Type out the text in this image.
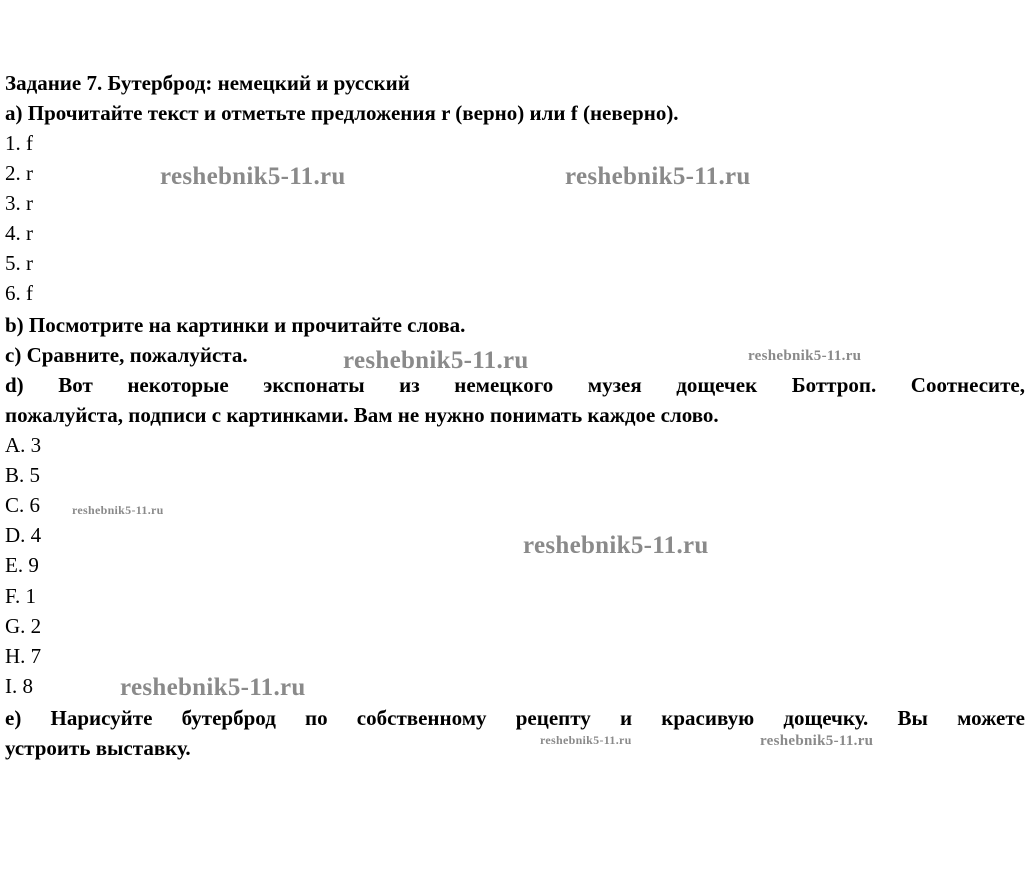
Задание 7. Бутерброд: немецкий и русский
a) Прочитайте текст и отметьте предложения r (верно) или f (неверно).
1. f
2. r
3. r
4. r
5. r
6. f
b) Посмотрите на картинки и прочитайте слова.
c) Сравните, пожалуйста.
d) Вот некоторые экспонаты из немецкого музея дощечек Боттроп. Соотнесите,
пожалуйста, подписи с картинками. Вам не нужно понимать каждое слово.
A. 3
B. 5
C. 6
D. 4
E. 9
F. 1
G. 2
H. 7
I. 8
e) Нарисуйте бутерброд по собственному рецепту и красивую дощечку. Вы можете
устроить выставку.
reshebnik5-11.ru	reshebnik5-11.ru
reshebnik5-11.ru	reshebnik5-11.ru
reshebnik5-11.ru
reshebnik5-11.ru
reshebnik5-11.ru
reshebnik5-11.ru	reshebnik5-11.ru
